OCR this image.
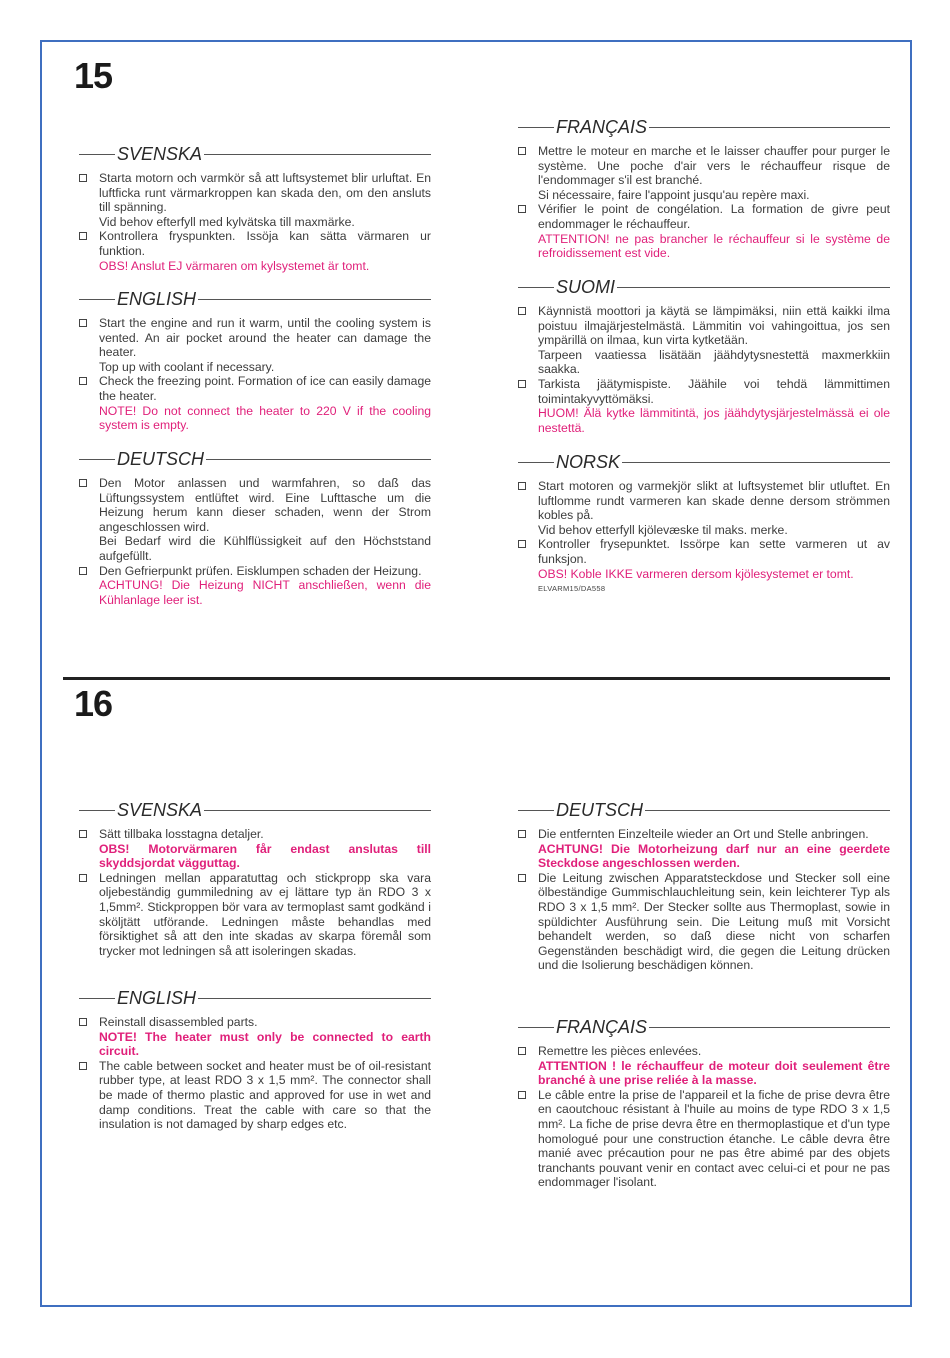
15
SVENSKA

Starta motorn och varmkör så att luftsystemet blir urluftat. En luftficka runt värmarkroppen kan skada den, om den ansluts till spänning.

Vid behov efterfyll med kylvätska till maxmärke.

Kontrollera fryspunkten. Issöja kan sätta värmaren ur funktion.

OBS! Anslut EJ värmaren om kylsystemet är tomt.

ENGLISH

Start the engine and run it warm, until the cooling system is vented. An air pocket around the heater can damage the heater.

Top up with coolant if necessary.

Check the freezing point. Formation of ice can easily damage the heater.

NOTE! Do not connect the heater to 220 V if the cooling system is empty.

DEUTSCH

Den Motor anlassen und warmfahren, so daß das Lüftungssystem entlüftet wird. Eine Lufttasche um die Heizung herum kann dieser schaden, wenn der Strom angeschlossen wird.

Bei Bedarf wird die Kühlflüssigkeit auf den Höchststand aufgefüllt.

Den Gefrierpunkt prüfen. Eisklumpen schaden der Heizung.

ACHTUNG! Die Heizung NICHT anschließen, wenn die Kühlanlage leer ist.

FRANÇAIS

Mettre le moteur en marche et le laisser chauffer pour purger le système. Une poche d'air vers le réchauffeur risque de l'endommager s'il est branché.

Si nécessaire, faire l'appoint jusqu'au repère maxi.

Vérifier le point de congélation. La formation de givre peut endommager le réchauffeur.

ATTENTION! ne pas brancher le réchauffeur si le système de refroidissement est vide.

SUOMI

Käynnistä moottori ja käytä se lämpimäksi, niin että kaikki ilma poistuu ilmajärjestelmästä. Lämmitin voi vahingoittua, jos sen ympärillä on ilmaa, kun virta kytketään.

Tarpeen vaatiessa lisätään jäähdytysnestettä maxmerkkiin saakka.

Tarkista jäätymispiste. Jäähile voi tehdä lämmittimen toimintakyvyttömäksi.

HUOM! Älä kytke lämmitintä, jos jäähdytysjärjestelmässä ei ole nestettä.

NORSK

Start motoren og varmekjör slikt at luftsystemet blir utluftet. En luftlomme rundt varmeren kan skade denne dersom strömmen kobles på.

Vid behov etterfyll kjölevæske til maks. merke.

Kontroller frysepunktet. Issörpe kan sette varmeren ut av funksjon.

OBS! Koble IKKE varmeren dersom kjölesystemet er tomt.

ELVARM15/DA558
16
SVENSKA

Sätt tillbaka losstagna detaljer.

OBS! Motorvärmaren får endast anslutas till skyddsjordat vägguttag.

Ledningen mellan apparatuttag och stickpropp ska vara oljebeständig gummiledning av ej lättare typ än RDO 3 x 1,5mm². Stickproppen bör vara av termoplast samt godkänd i sköljtätt utförande. Ledningen måste behandlas med försiktighet så att den inte skadas av skarpa föremål som trycker mot ledningen så att isoleringen skadas.

ENGLISH

Reinstall disassembled parts.

NOTE! The heater must only be connected to earth circuit.

The cable between socket and heater must be of oil-resistant rubber type, at least RDO 3 x 1,5 mm². The connector shall be made of thermo plastic and approved for use in wet and damp conditions. Treat the cable with care so that the insulation is not damaged by sharp edges etc.

DEUTSCH

Die entfernten Einzelteile wieder an Ort und Stelle anbringen.

ACHTUNG! Die Motorheizung darf nur an eine geerdete Steckdose angeschlossen werden.

Die Leitung zwischen Apparatsteckdose und Stecker soll eine ölbeständige Gummischlauchleitung sein, kein leichterer Typ als RDO 3 x 1,5 mm². Der Stecker sollte aus Thermoplast, sowie in spüldichter Ausführung sein. Die Leitung muß mit Vorsicht behandelt werden, so daß diese nicht von scharfen Gegenständen beschädigt wird, die gegen die Leitung drücken und die Isolierung beschädigen können.

FRANÇAIS

Remettre les pièces enlevées.

ATTENTION ! le réchauffeur de moteur doit seulement être branché à une prise reliée à la masse.

Le câble entre la prise de l'appareil et la fiche de prise devra être en caoutchouc résistant à l'huile au moins de type RDO 3 x 1,5 mm². La fiche de prise devra être en thermoplastique et d'un type homologué pour une construction étanche. Le câble devra être manié avec précaution pour ne pas être abimé par des objets tranchants pouvant venir en contact avec celui-ci et pour ne pas endommager l'isolant.
